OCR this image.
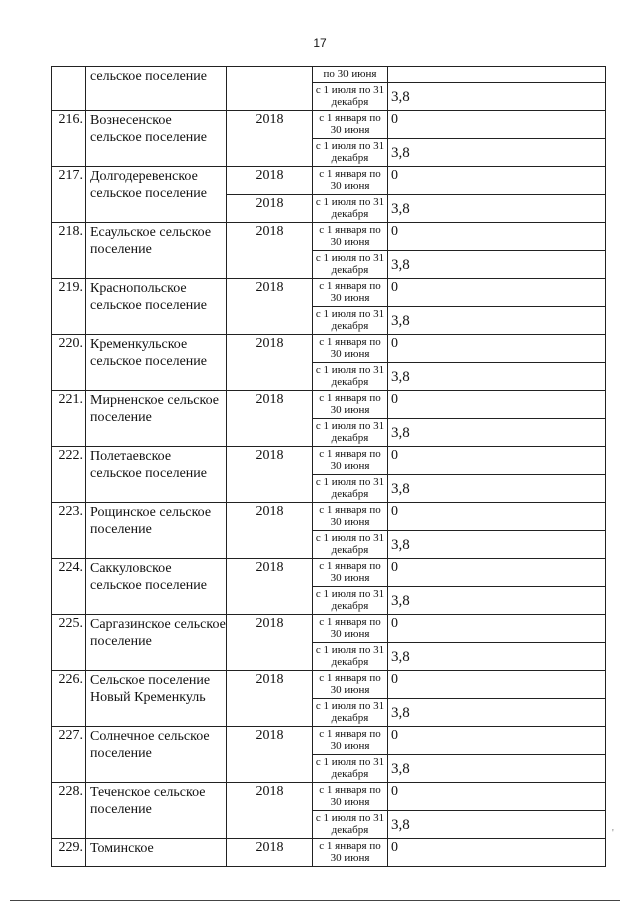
17
	сельское поселение		по 30 июня	
			с 1 июля по 31 декабря	3,8
216.	Вознесенское сельское поселение	2018	с 1 января по 30 июня	0
			с 1 июля по 31 декабря	3,8
217.	Долгодеревенское сельское поселение	2018	с 1 января по 30 июня	0
		2018	с 1 июля по 31 декабря	3,8
218.	Есаульское сельское поселение	2018	с 1 января по 30 июня	0
			с 1 июля по 31 декабря	3,8
219.	Краснопольское сельское поселение	2018	с 1 января по 30 июня	0
			с 1 июля по 31 декабря	3,8
220.	Кременкульское сельское поселение	2018	с 1 января по 30 июня	0
			с 1 июля по 31 декабря	3,8
221.	Мирненское сельское поселение	2018	с 1 января по 30 июня	0
			с 1 июля по 31 декабря	3,8
222.	Полетаевское сельское поселение	2018	с 1 января по 30 июня	0
			с 1 июля по 31 декабря	3,8
223.	Рощинское сельское поселение	2018	с 1 января по 30 июня	0
			с 1 июля по 31 декабря	3,8
224.	Саккуловское сельское поселение	2018	с 1 января по 30 июня	0
			с 1 июля по 31 декабря	3,8
225.	Саргазинское сельское поселение	2018	с 1 января по 30 июня	0
			с 1 июля по 31 декабря	3,8
226.	Сельское поселение Новый Кременкуль	2018	с 1 января по 30 июня	0
			с 1 июля по 31 декабря	3,8
227.	Солнечное сельское поселение	2018	с 1 января по 30 июня	0
			с 1 июля по 31 декабря	3,8
228.	Теченское сельское поселение	2018	с 1 января по 30 июня	0
			с 1 июля по 31 декабря	3,8
229.	Томинское	2018	с 1 января по 30 июня	0
'
